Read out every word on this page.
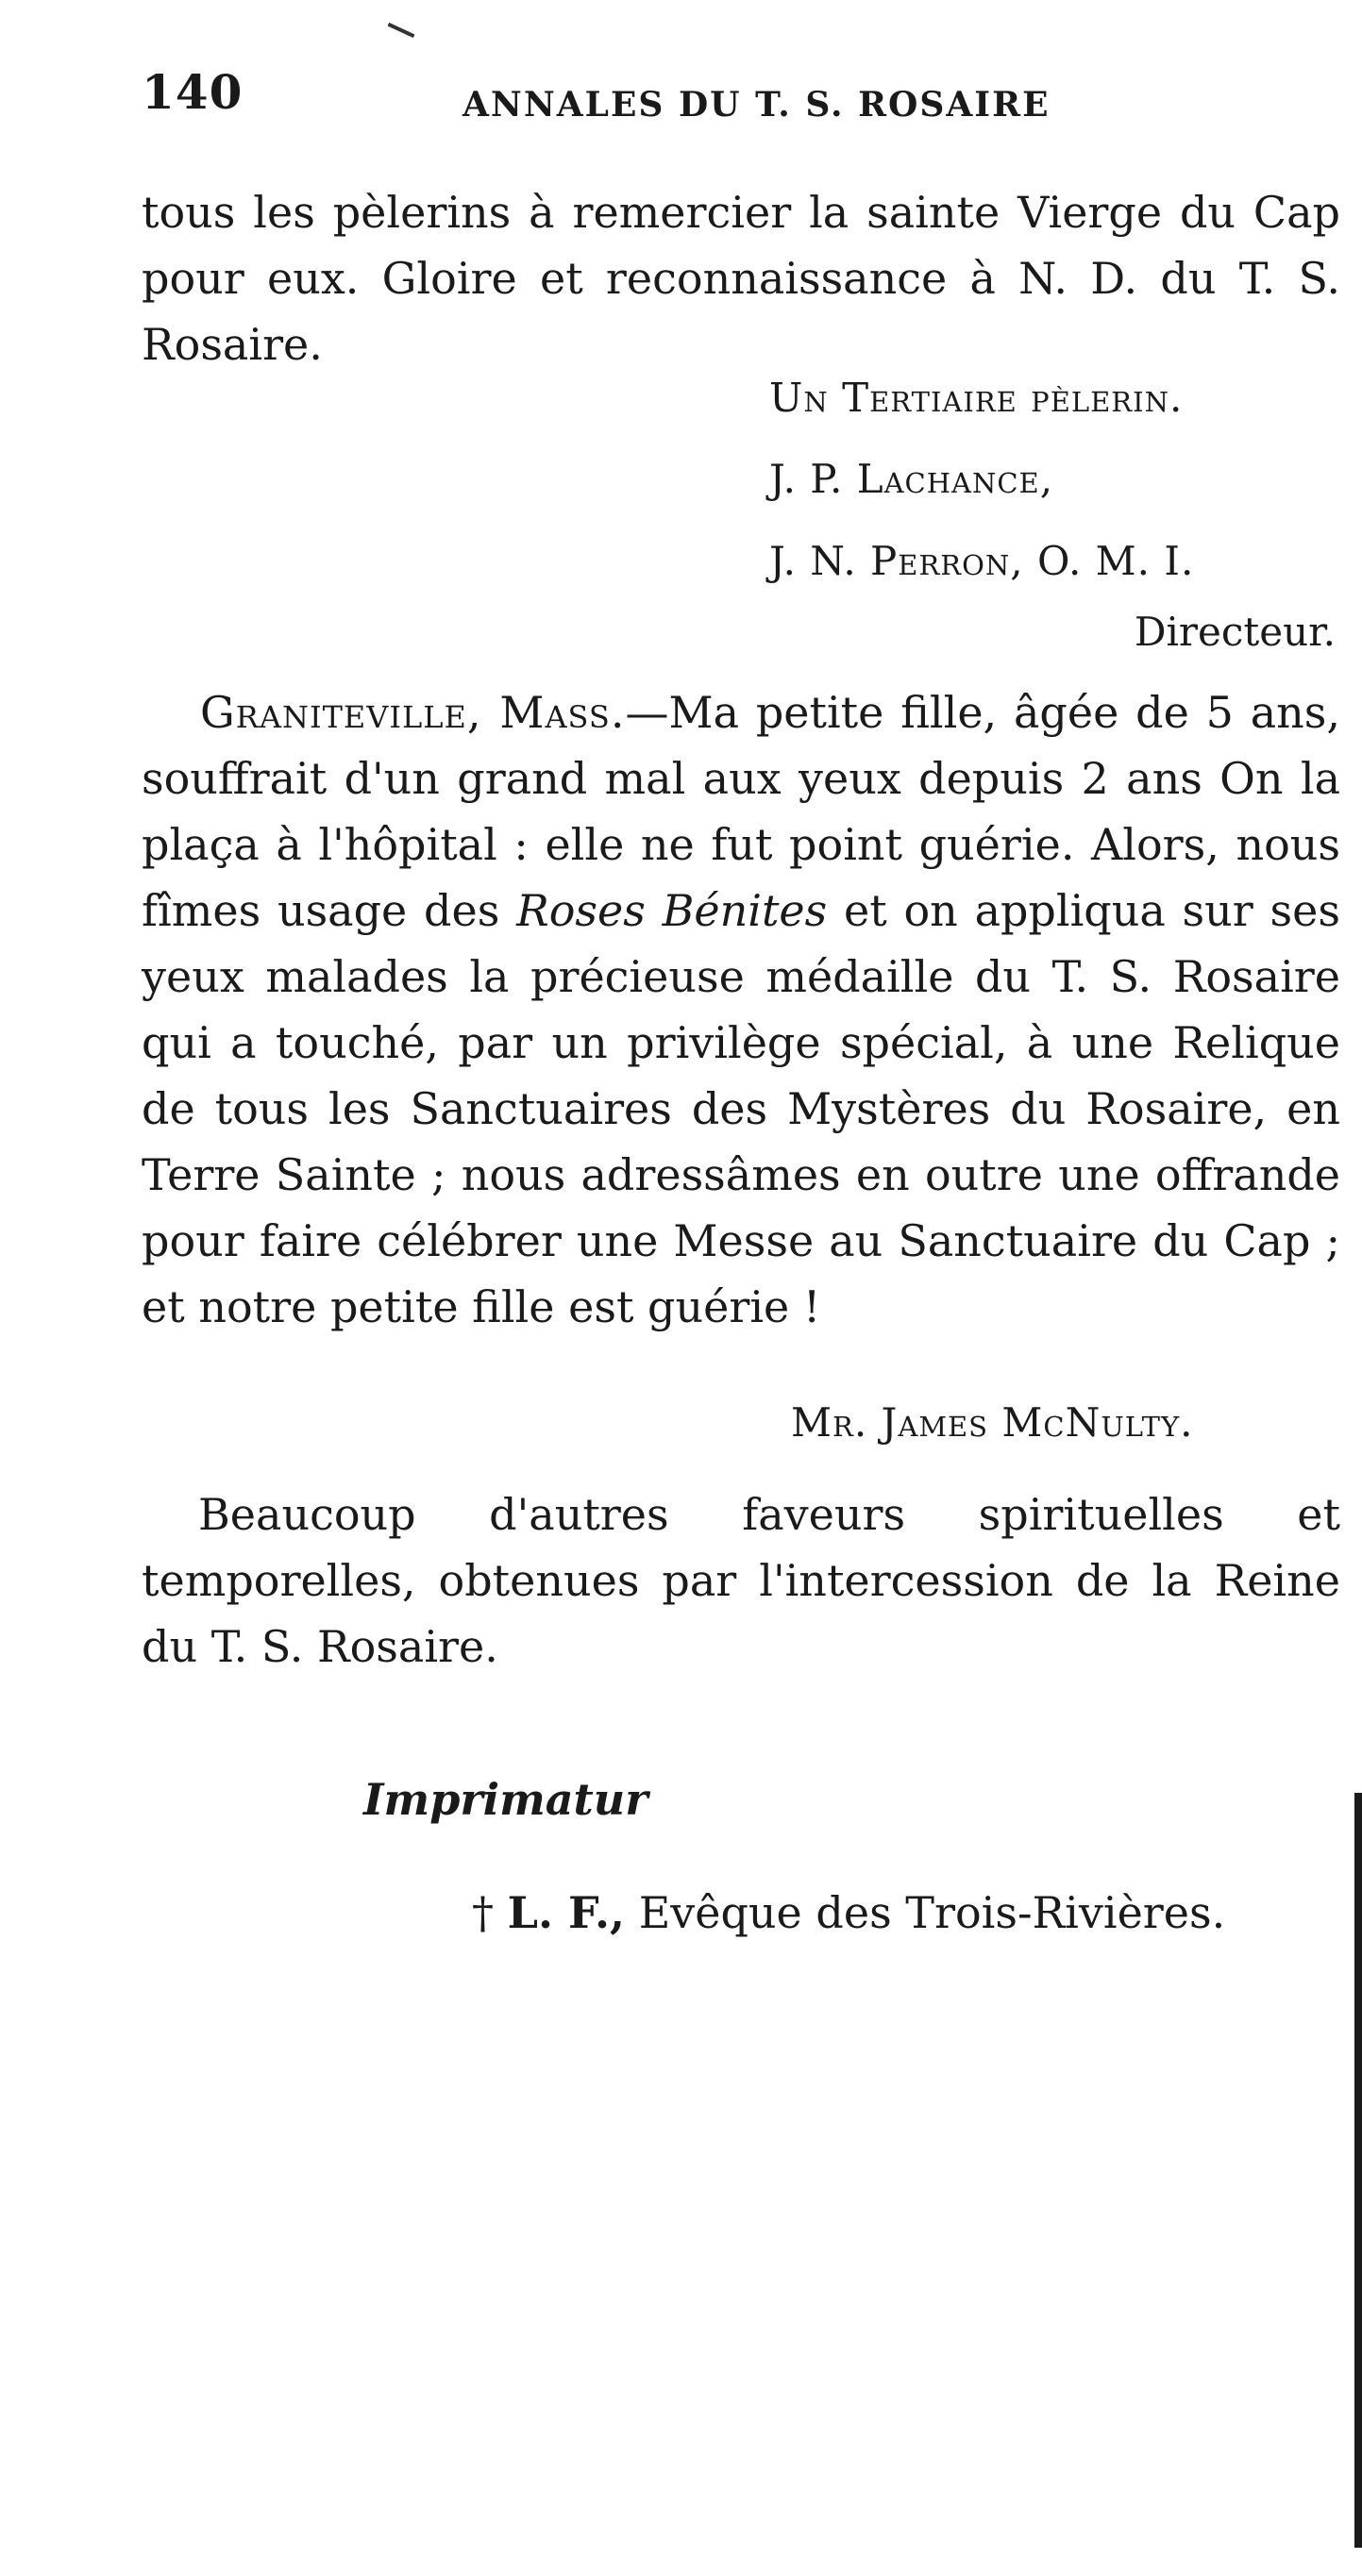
140	ANNALES DU T. S. ROSAIRE

tous les pèlerins à remercier la sainte Vierge du Cap pour eux. Gloire et reconnaissance à N. D. du T. S. Rosaire.

Un Tertiaire pèlerin.
J. P. Lachance,
J. N. Perron, O. M. I.
Directeur.

Graniteville, Mass.—Ma petite fille, âgée de 5 ans, souffrait d'un grand mal aux yeux depuis 2 ans On la plaça à l'hôpital : elle ne fut point guérie. Alors, nous fîmes usage des Roses Bénites et on appliqua sur ses yeux malades la précieuse médaille du T. S. Rosaire qui a touché, par un privilège spécial, à une Relique de tous les Sanctuaires des Mystères du Rosaire, en Terre Sainte ; nous adressâmes en outre une offrande pour faire célébrer une Messe au Sanctuaire du Cap ; et notre petite fille est guérie !

Mr. James McNulty.

Beaucoup d'autres faveurs spirituelles et temporelles, obtenues par l'intercession de la Reine du T. S. Rosaire.

Imprimatur
† L. F., Evêque des Trois-Rivières.
